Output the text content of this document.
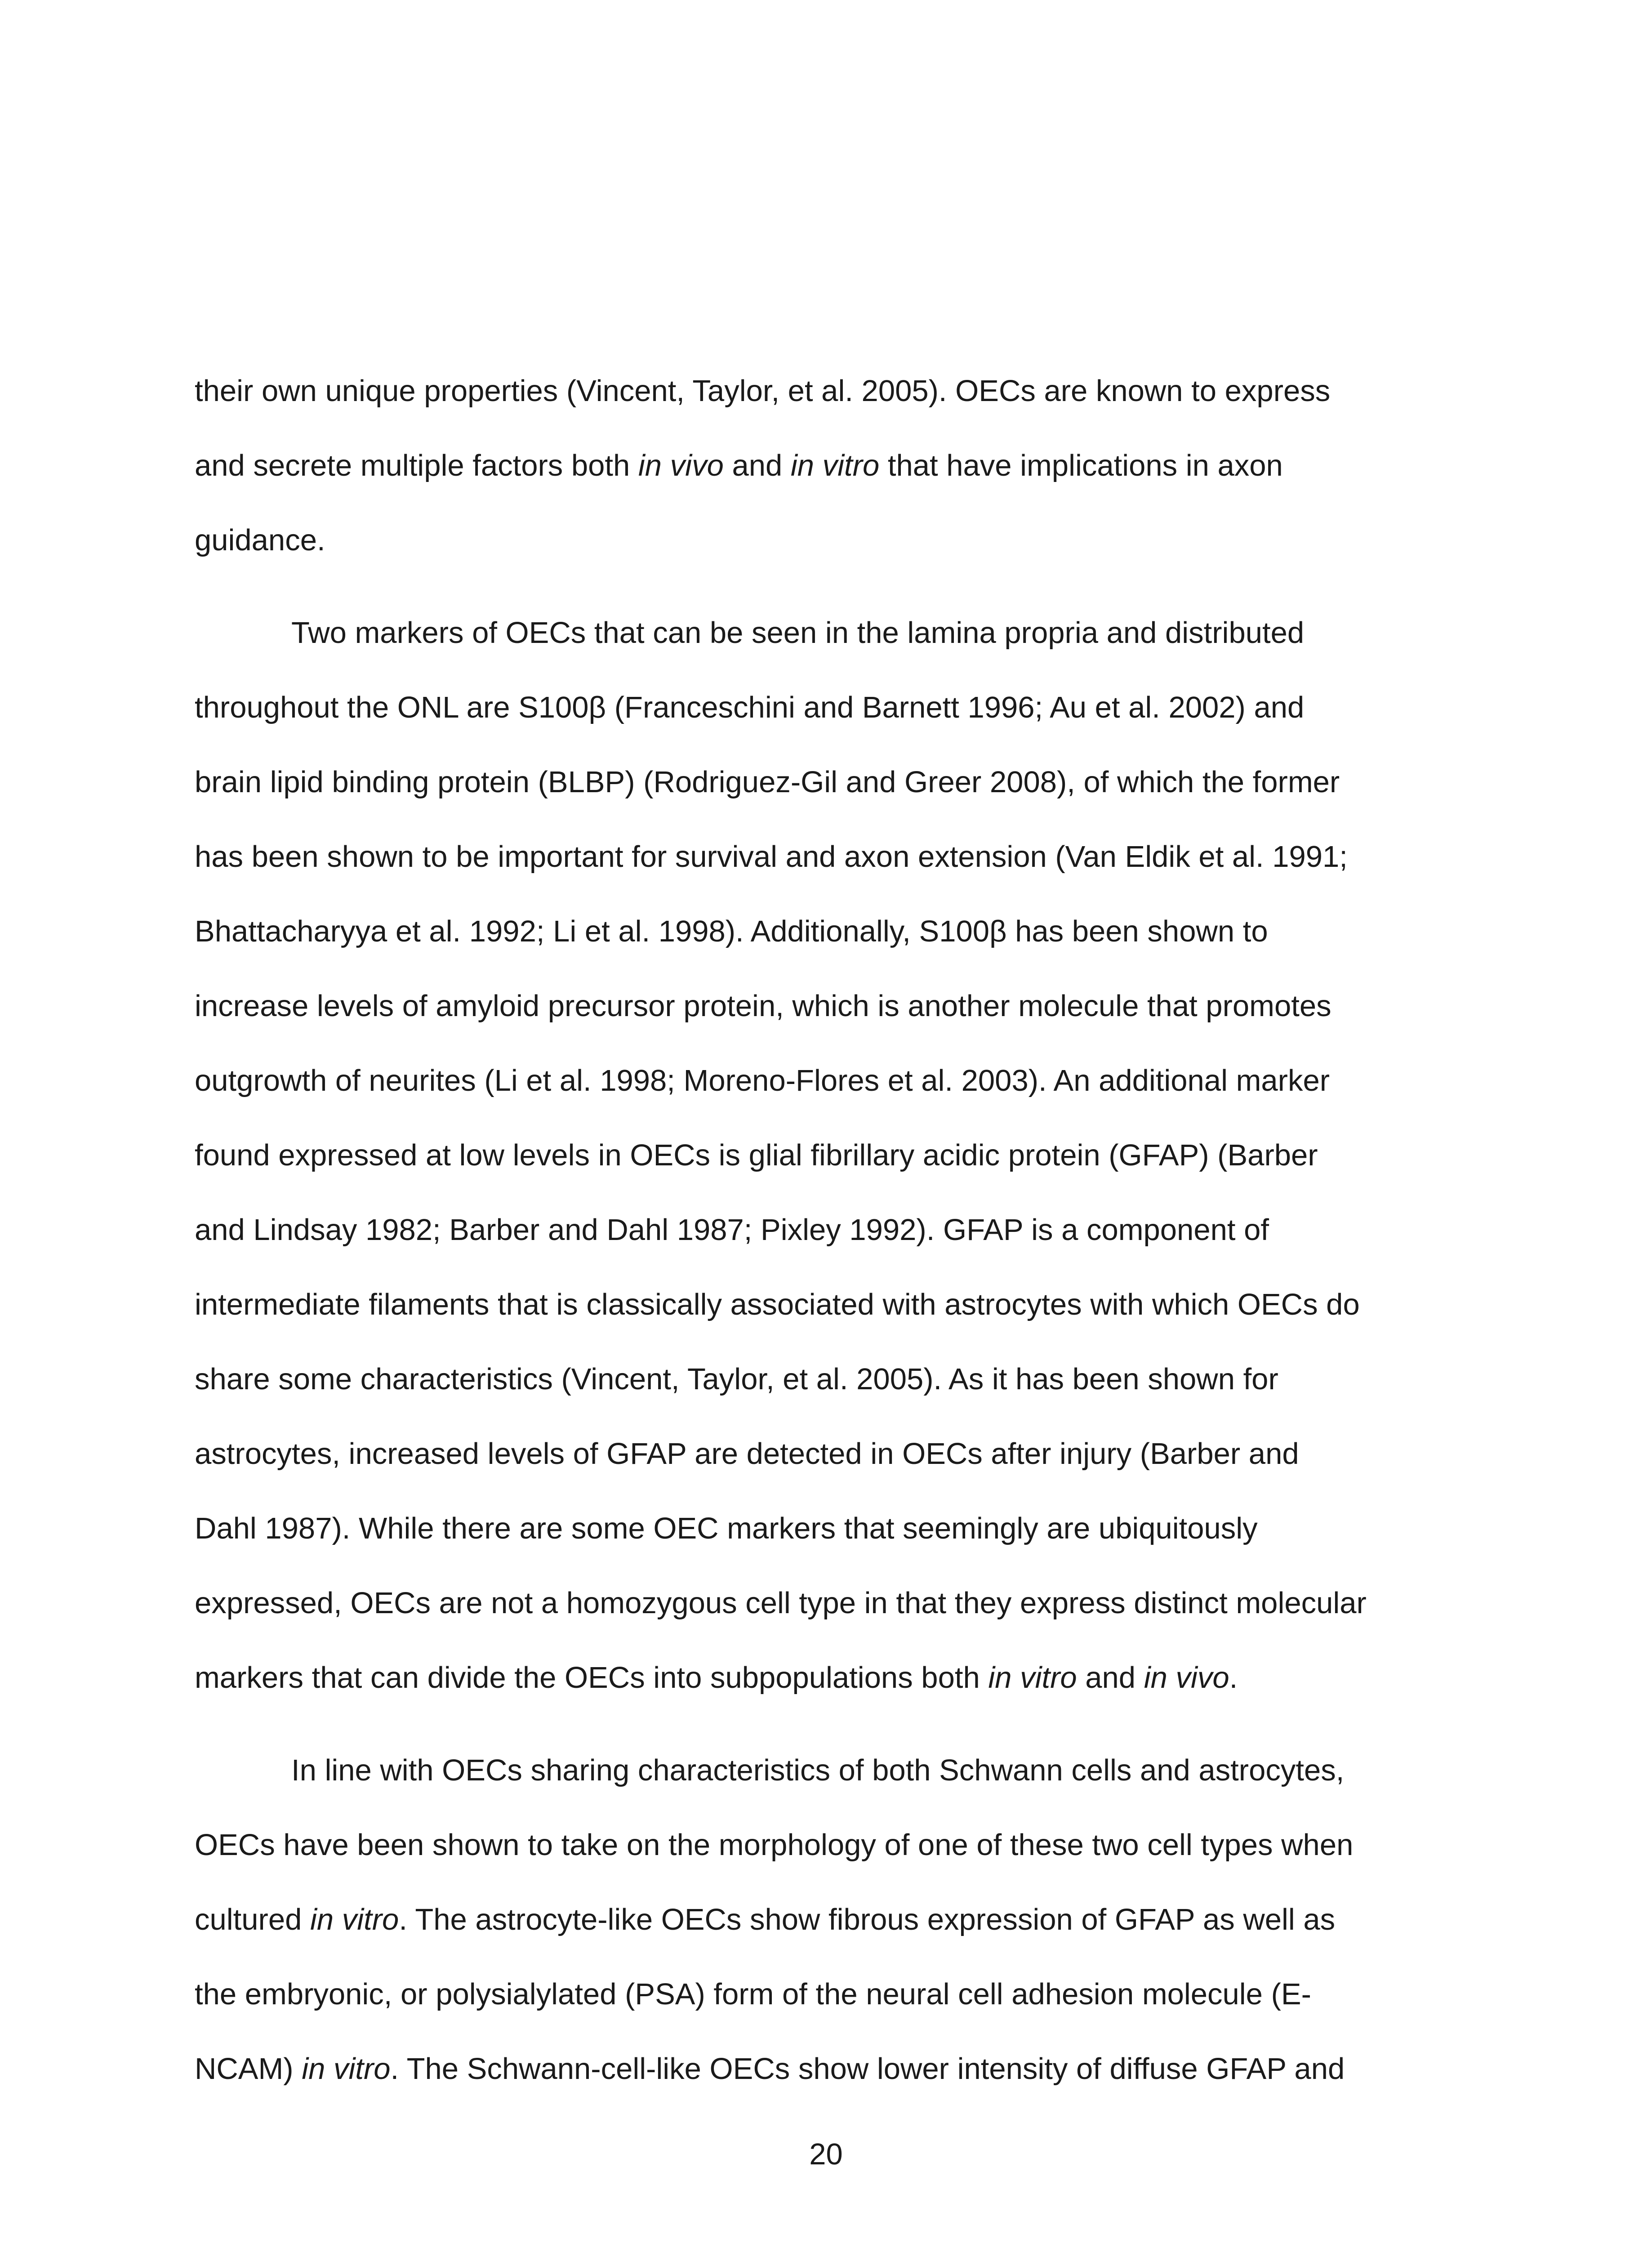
their own unique properties (Vincent, Taylor, et al. 2005). OECs are known to express
and secrete multiple factors both in vivo and in vitro that have implications in axon
guidance.
Two markers of OECs that can be seen in the lamina propria and distributed
throughout the ONL are S100β (Franceschini and Barnett 1996; Au et al. 2002) and
brain lipid binding protein (BLBP) (Rodriguez-Gil and Greer 2008), of which the former
has been shown to be important for survival and axon extension (Van Eldik et al. 1991;
Bhattacharyya et al. 1992; Li et al. 1998). Additionally, S100β has been shown to
increase levels of amyloid precursor protein, which is another molecule that promotes
outgrowth of neurites (Li et al. 1998; Moreno-Flores et al. 2003). An additional marker
found expressed at low levels in OECs is glial fibrillary acidic protein (GFAP) (Barber
and Lindsay 1982; Barber and Dahl 1987; Pixley 1992). GFAP is a component of
intermediate filaments that is classically associated with astrocytes with which OECs do
share some characteristics (Vincent, Taylor, et al. 2005). As it has been shown for
astrocytes, increased levels of GFAP are detected in OECs after injury (Barber and
Dahl 1987). While there are some OEC markers that seemingly are ubiquitously
expressed, OECs are not a homozygous cell type in that they express distinct molecular
markers that can divide the OECs into subpopulations both in vitro and in vivo.
In line with OECs sharing characteristics of both Schwann cells and astrocytes,
OECs have been shown to take on the morphology of one of these two cell types when
cultured in vitro. The astrocyte-like OECs show fibrous expression of GFAP as well as
the embryonic, or polysialylated (PSA) form of the neural cell adhesion molecule (E-
NCAM) in vitro. The Schwann-cell-like OECs show lower intensity of diffuse GFAP and
20
